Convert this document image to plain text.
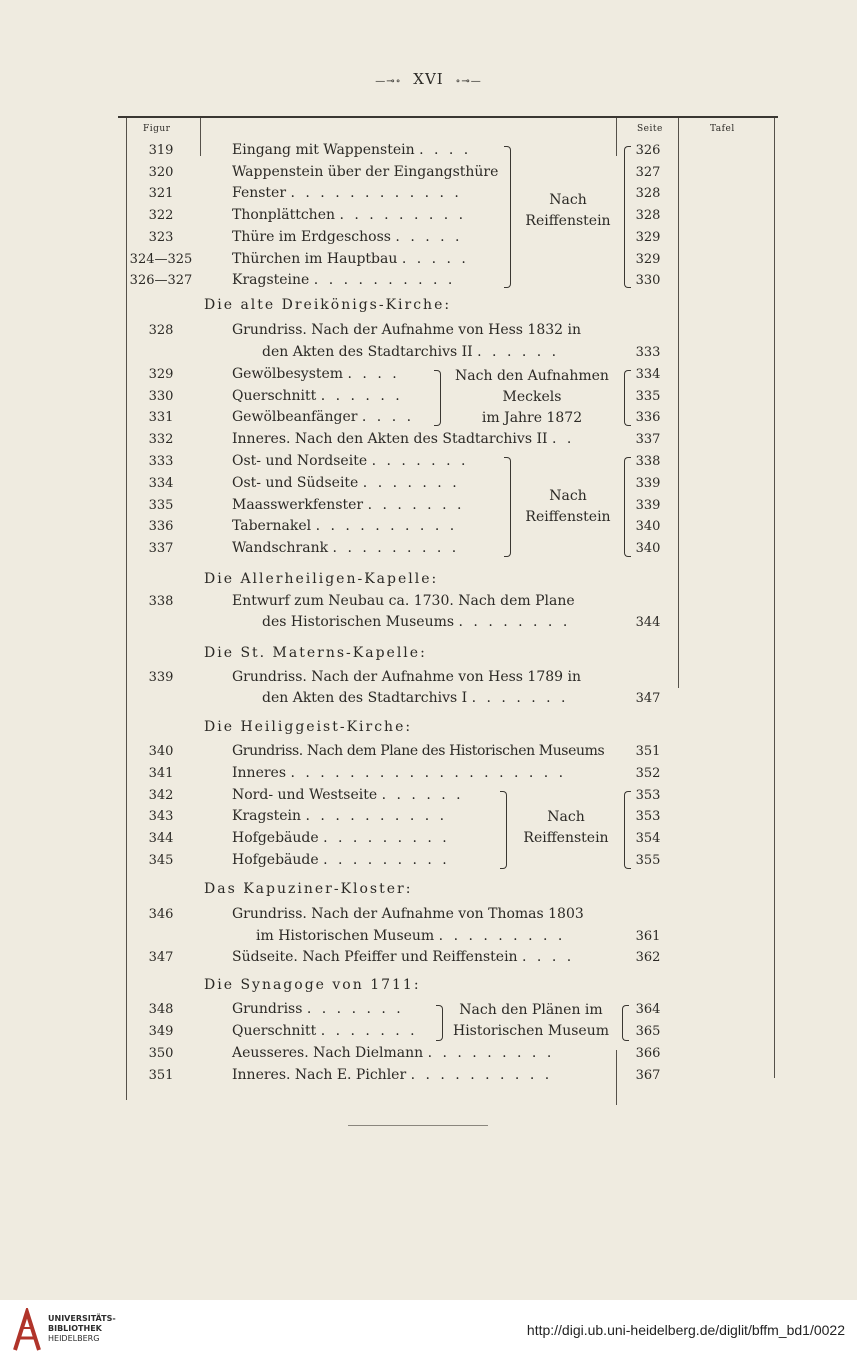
—⊸∘ XVI ∘⊸—
Figur	Seite	Tafel
319	Eingang mit Wappenstein . . . .	326
320	Wappenstein über der Eingangsthüre	327
321	Fenster . . . . . . . . . . . .	328
322	Thonplättchen . . . . . . . . .	328
323	Thüre im Erdgeschoss . . . . .	329
324—325	Thürchen im Hauptbau . . . . .	329
326—327	Kragsteine . . . . . . . . . .	330
Nach
Reiffenstein
Die alte Dreikönigs-Kirche:
328	Grundriss. Nach der Aufnahme von Hess 1832 in
den Akten des Stadtarchivs II . . . . . .	333
329	Gewölbesystem . . . .	334
330	Querschnitt . . . . . .	335
331	Gewölbeanfänger . . . .	336
Nach den Aufnahmen
Meckels
im Jahre 1872
332	Inneres. Nach den Akten des Stadtarchivs II . .	337
333	Ost- und Nordseite . . . . . . .	338
334	Ost- und Südseite . . . . . . .	339
335	Maasswerkfenster . . . . . . .	339
336	Tabernakel . . . . . . . . . .	340
337	Wandschrank . . . . . . . . .	340
Nach
Reiffenstein
Die Allerheiligen-Kapelle:
338	Entwurf zum Neubau ca. 1730. Nach dem Plane
des Historischen Museums . . . . . . . .	344
Die St. Materns-Kapelle:
339	Grundriss. Nach der Aufnahme von Hess 1789 in
den Akten des Stadtarchivs I . . . . . . .	347
Die Heiliggeist-Kirche:
340	Grundriss. Nach dem Plane des Historischen Museums	351
341	Inneres . . . . . . . . . . . . . . . . . . .	352
342	Nord- und Westseite . . . . . .	353
343	Kragstein . . . . . . . . . .	353
344	Hofgebäude . . . . . . . . .	354
345	Hofgebäude . . . . . . . . .	355
Nach
Reiffenstein
Das Kapuziner-Kloster:
346	Grundriss. Nach der Aufnahme von Thomas 1803
im Historischen Museum . . . . . . . . .	361
347	Südseite. Nach Pfeiffer und Reiffenstein . . . .	362
Die Synagoge von 1711:
348	Grundriss . . . . . . .	364
349	Querschnitt . . . . . . .	365
Nach den Plänen im
Historischen Museum
350	Aeusseres. Nach Dielmann . . . . . . . . .	366
351	Inneres. Nach E. Pichler . . . . . . . . . .	367
UNIVERSITÄTS-
BIBLIOTHEK
HEIDELBERG
http://digi.ub.uni-heidelberg.de/diglit/bffm_bd1/0022
